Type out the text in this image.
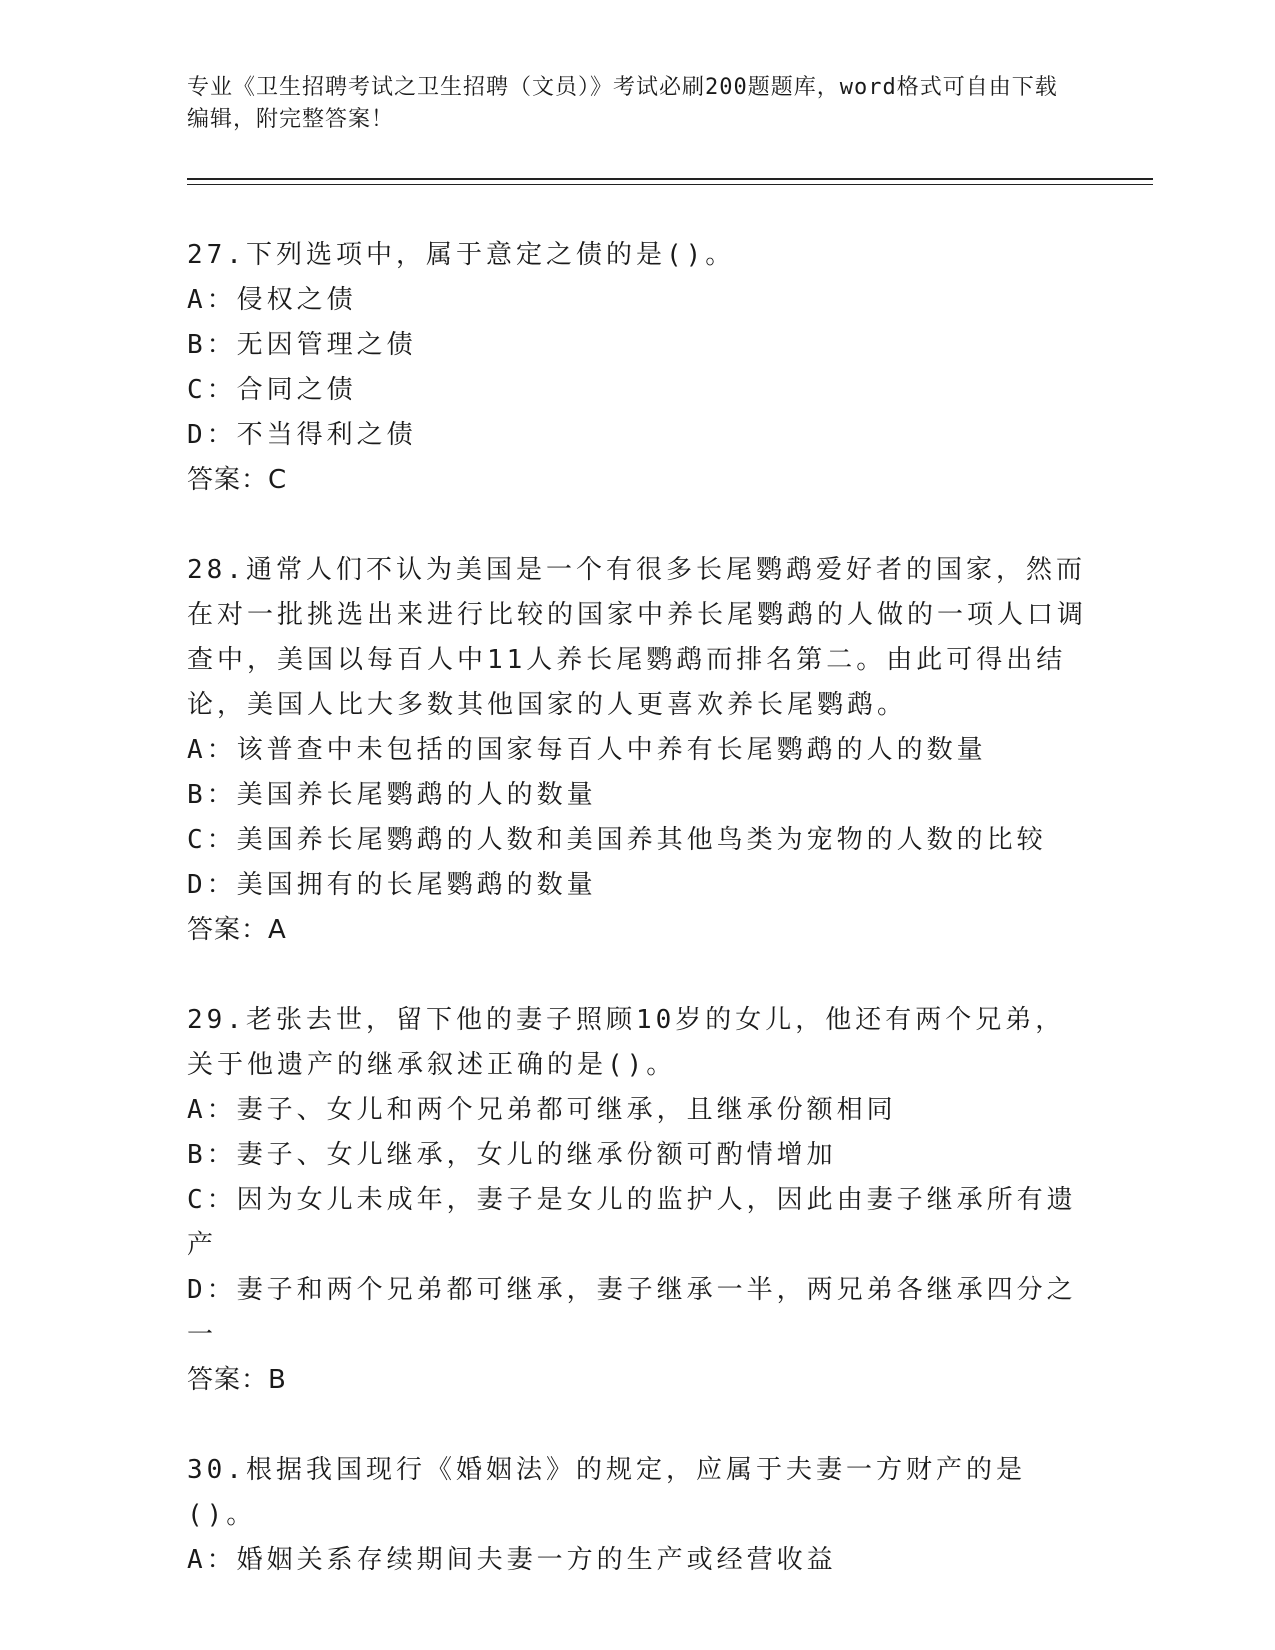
专业《卫生招聘考试之卫生招聘（文员）》考试必刷200题题库，word格式可自由下载编辑，附完整答案！

27.下列选项中，属于意定之债的是()。

A：侵权之债

B：无因管理之债

C：合同之债

D：不当得利之债

答案：C

28.通常人们不认为美国是一个有很多长尾鹦鹉爱好者的国家，然而在对一批挑选出来进行比较的国家中养长尾鹦鹉的人做的一项人口调查中，美国以每百人中11人养长尾鹦鹉而排名第二。由此可得出结论，美国人比大多数其他国家的人更喜欢养长尾鹦鹉。

A：该普查中未包括的国家每百人中养有长尾鹦鹉的人的数量

B：美国养长尾鹦鹉的人的数量

C：美国养长尾鹦鹉的人数和美国养其他鸟类为宠物的人数的比较

D：美国拥有的长尾鹦鹉的数量

答案：A

29.老张去世，留下他的妻子照顾10岁的女儿，他还有两个兄弟，关于他遗产的继承叙述正确的是()。

A：妻子、女儿和两个兄弟都可继承，且继承份额相同

B：妻子、女儿继承，女儿的继承份额可酌情增加

C：因为女儿未成年，妻子是女儿的监护人，因此由妻子继承所有遗产

D：妻子和两个兄弟都可继承，妻子继承一半，两兄弟各继承四分之一

答案：B

30.根据我国现行《婚姻法》的规定，应属于夫妻一方财产的是()。

A：婚姻关系存续期间夫妻一方的生产或经营收益
